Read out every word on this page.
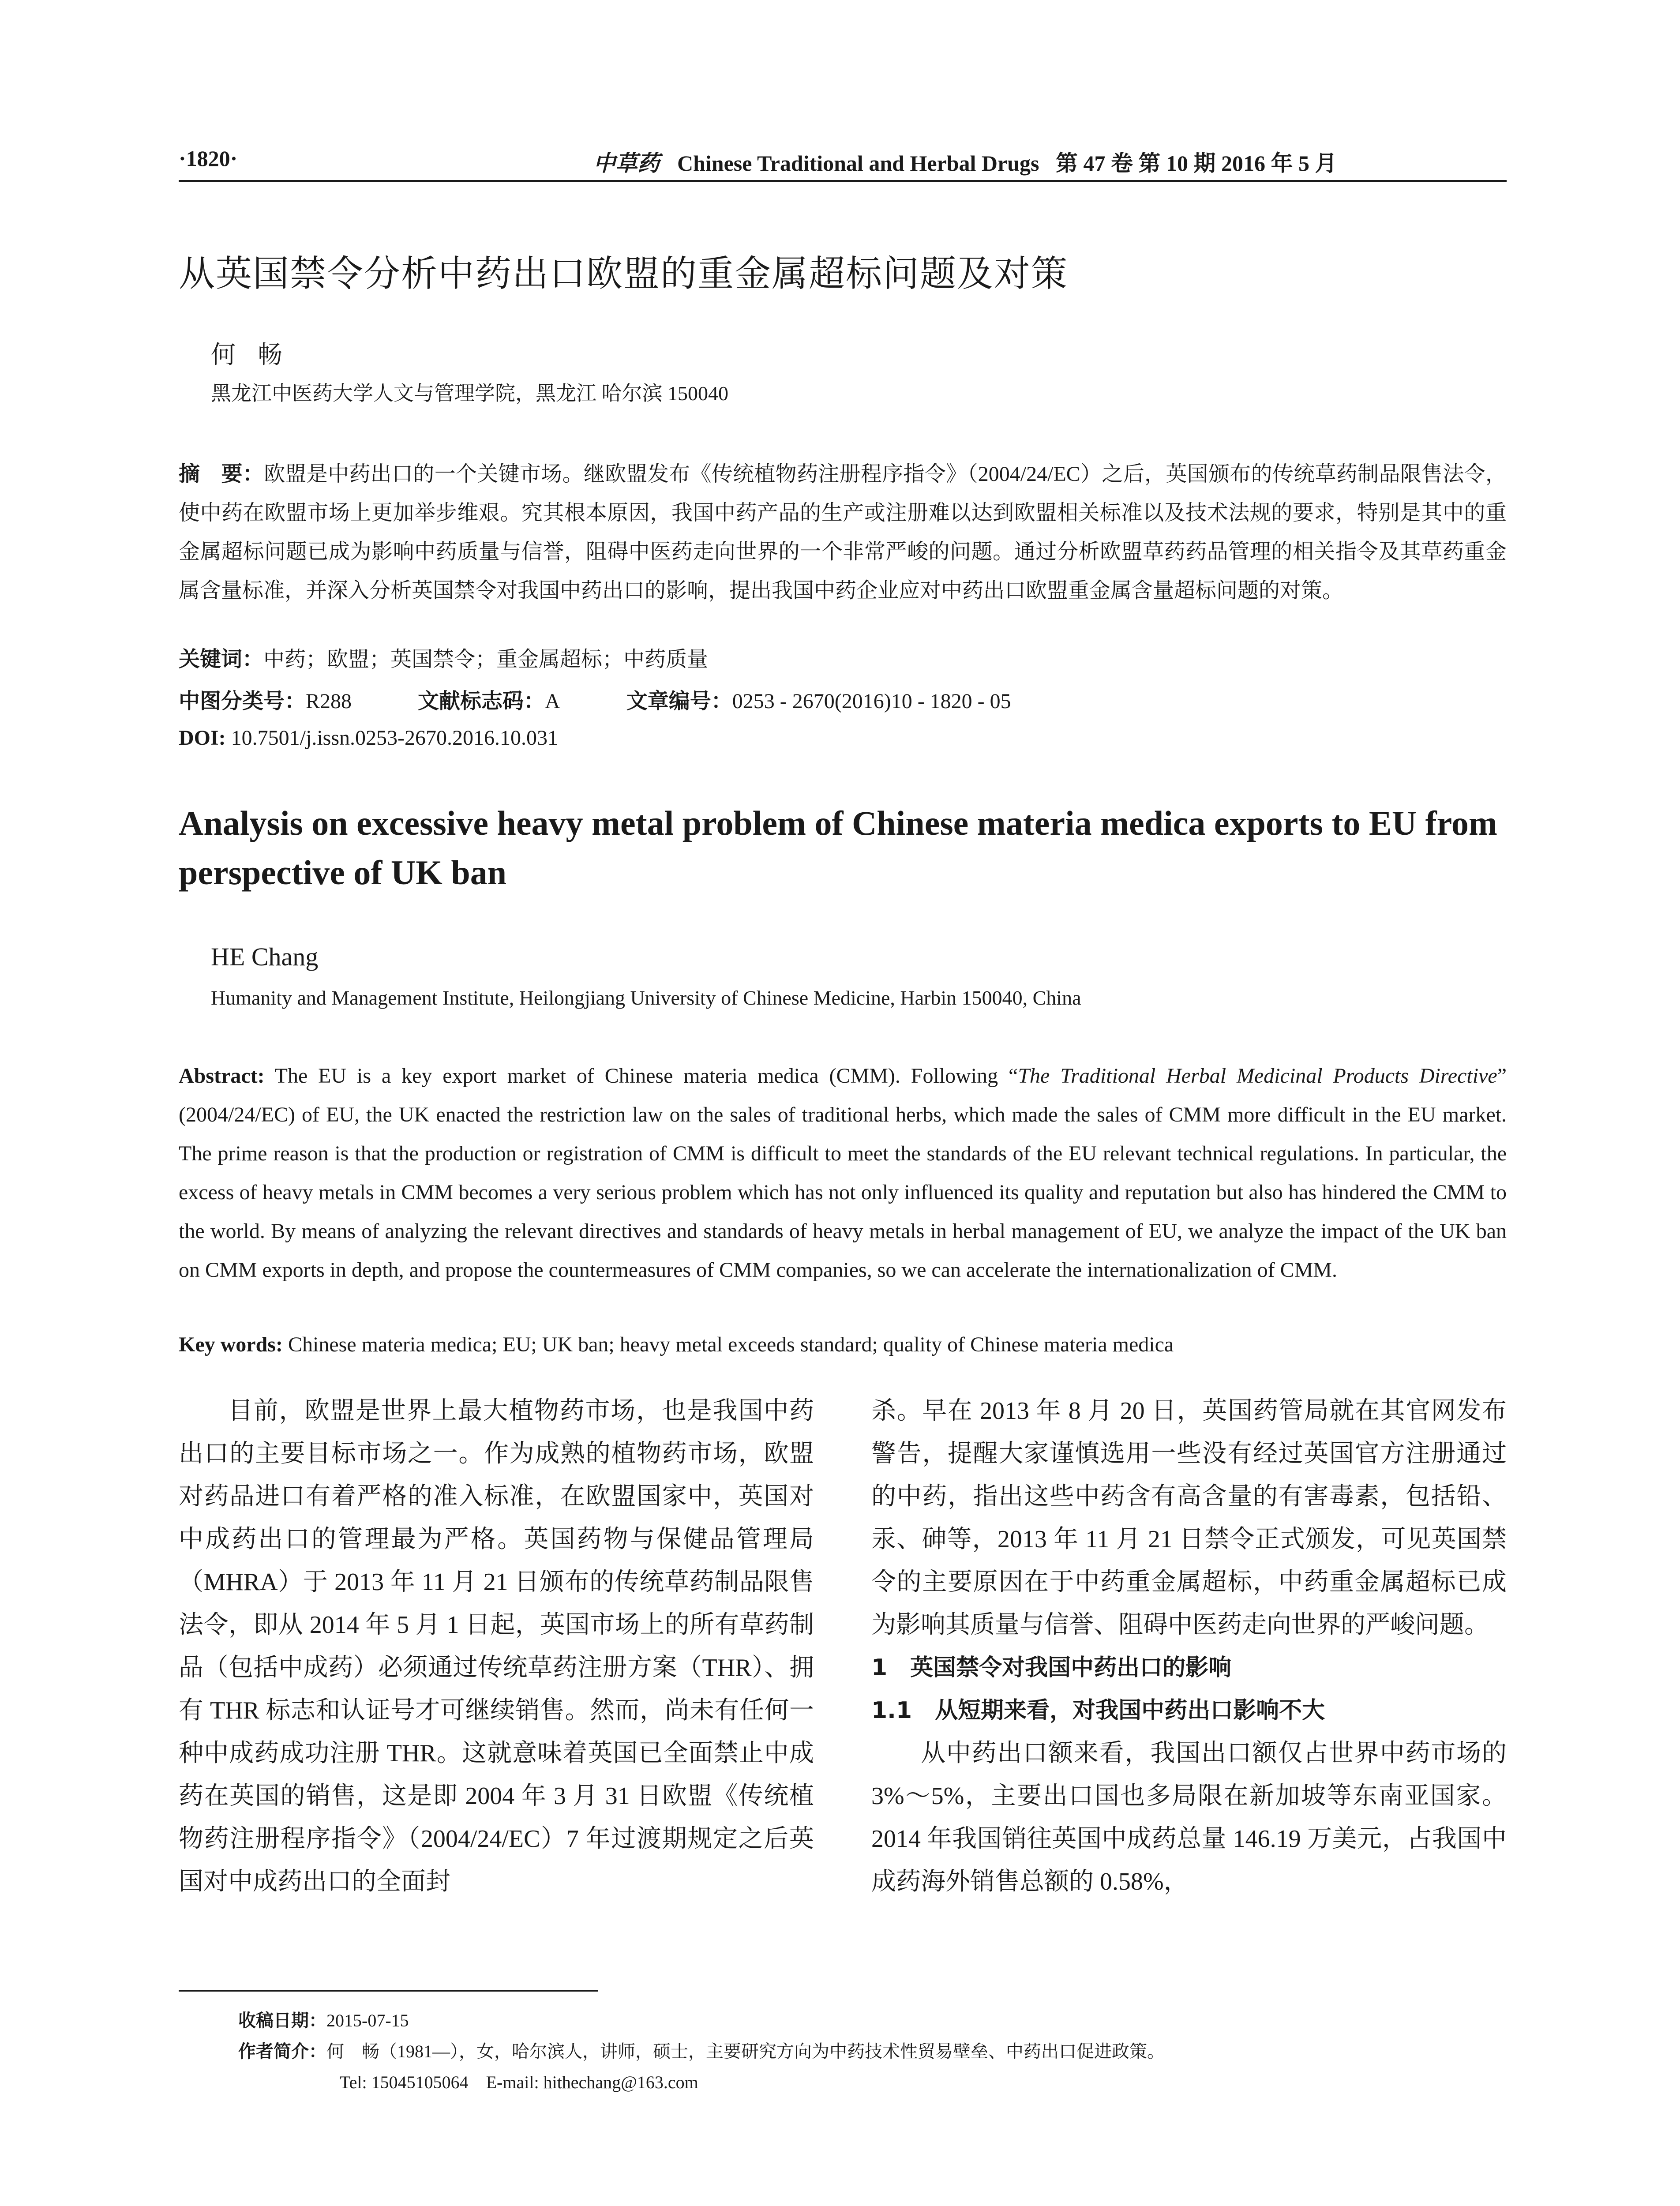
·1820·	中草药 Chinese Traditional and Herbal Drugs 第 47 卷 第 10 期 2016 年 5 月
从英国禁令分析中药出口欧盟的重金属超标问题及对策
何畅
黑龙江中医药大学人文与管理学院，黑龙江 哈尔滨 150040
摘　要：欧盟是中药出口的一个关键市场。继欧盟发布《传统植物药注册程序指令》（2004/24/EC）之后，英国颁布的传统草药制品限售法令，使中药在欧盟市场上更加举步维艰。究其根本原因，我国中药产品的生产或注册难以达到欧盟相关标准以及技术法规的要求，特别是其中的重金属超标问题已成为影响中药质量与信誉，阻碍中医药走向世界的一个非常严峻的问题。通过分析欧盟草药药品管理的相关指令及其草药重金属含量标准，并深入分析英国禁令对我国中药出口的影响，提出我国中药企业应对中药出口欧盟重金属含量超标问题的对策。
关键词：中药；欧盟；英国禁令；重金属超标；中药质量
中图分类号：R288	文献标志码：A	文章编号：0253 - 2670(2016)10 - 1820 - 05
DOI: 10.7501/j.issn.0253-2670.2016.10.031
Analysis on excessive heavy metal problem of Chinese materia medica exports to EU from perspective of UK ban
HE Chang
Humanity and Management Institute, Heilongjiang University of Chinese Medicine, Harbin 150040, China
Abstract: The EU is a key export market of Chinese materia medica (CMM). Following “The Traditional Herbal Medicinal Products Directive” (2004/24/EC) of EU, the UK enacted the restriction law on the sales of traditional herbs, which made the sales of CMM more difficult in the EU market. The prime reason is that the production or registration of CMM is difficult to meet the standards of the EU relevant technical regulations. In particular, the excess of heavy metals in CMM becomes a very serious problem which has not only influenced its quality and reputation but also has hindered the CMM to the world. By means of analyzing the relevant directives and standards of heavy metals in herbal management of EU, we analyze the impact of the UK ban on CMM exports in depth, and propose the countermeasures of CMM companies, so we can accelerate the internationalization of CMM.
Key words: Chinese materia medica; EU; UK ban; heavy metal exceeds standard; quality of Chinese materia medica

目前，欧盟是世界上最大植物药市场，也是我国中药出口的主要目标市场之一。作为成熟的植物药市场，欧盟对药品进口有着严格的准入标准，在欧盟国家中，英国对中成药出口的管理最为严格。英国药物与保健品管理局（MHRA）于 2013 年 11 月 21 日颁布的传统草药制品限售法令，即从 2014 年 5 月 1 日起，英国市场上的所有草药制品（包括中成药）必须通过传统草药注册方案（THR）、拥有 THR 标志和认证号才可继续销售。然而，尚未有任何一种中成药成功注册 THR。这就意味着英国已全面禁止中成药在英国的销售，这是即 2004 年 3 月 31 日欧盟《传统植物药注册程序指令》（2004/24/EC）7 年过渡期规定之后英国对中成药出口的全面封

杀。早在 2013 年 8 月 20 日，英国药管局就在其官网发布警告，提醒大家谨慎选用一些没有经过英国官方注册通过的中药，指出这些中药含有高含量的有害毒素，包括铅、汞、砷等，2013 年 11 月 21 日禁令正式颁发，可见英国禁令的主要原因在于中药重金属超标，中药重金属超标已成为影响其质量与信誉、阻碍中医药走向世界的严峻问题。

1　英国禁令对我国中药出口的影响

1.1　从短期来看，对我国中药出口影响不大

从中药出口额来看，我国出口额仅占世界中药市场的 3%～5%，主要出口国也多局限在新加坡等东南亚国家。2014 年我国销往英国中成药总量 146.19 万美元，占我国中成药海外销售总额的 0.58%，

收稿日期：2015-07-15
作者简介：何　畅（1981—），女，哈尔滨人，讲师，硕士，主要研究方向为中药技术性贸易壁垒、中药出口促进政策。
Tel: 15045105064　E-mail: hithechang@163.com
